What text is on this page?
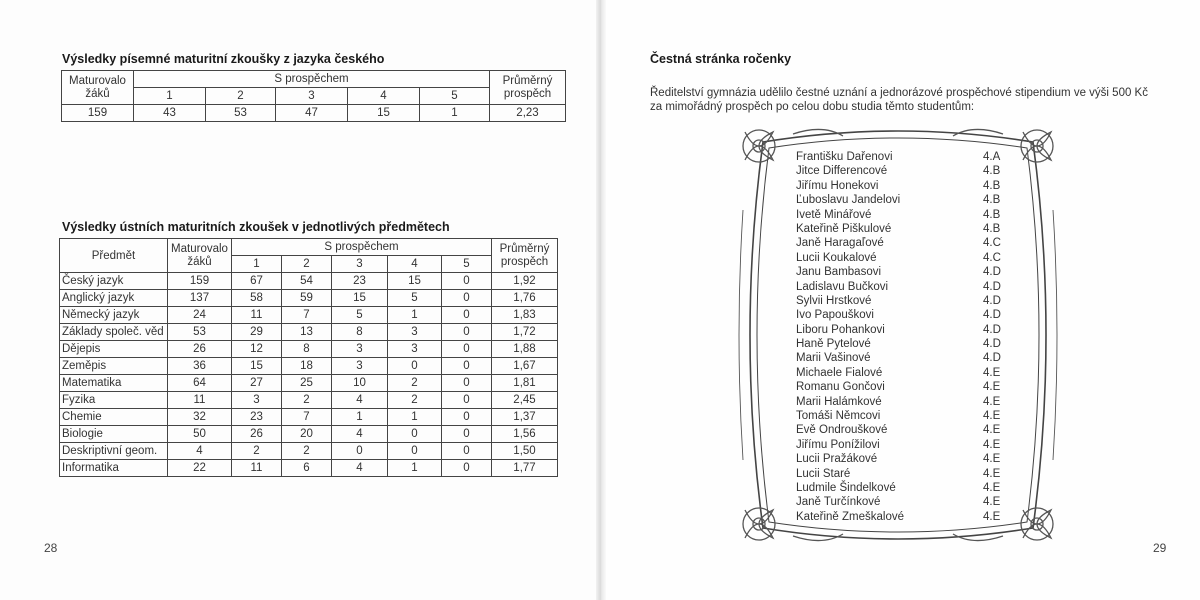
Výsledky písemné maturitní zkoušky z jazyka českého
Maturovalo žáků	S prospěchem					Průměrný prospěch
	1	2	3	4	5	
159	43	53	47	15	1	2,23
Výsledky ústních maturitních zkoušek v jednotlivých předmětech
Předmět	Maturovalo žáků	S prospěchem					Průměrný prospěch
		1	2	3	4	5	
Český jazyk	159	67	54	23	15	0	1,92
Anglický jazyk	137	58	59	15	5	0	1,76
Německý jazyk	24	11	7	5	1	0	1,83
Základy společ. věd	53	29	13	8	3	0	1,72
Dějepis	26	12	8	3	3	0	1,88
Zeměpis	36	15	18	3	0	0	1,67
Matematika	64	27	25	10	2	0	1,81
Fyzika	11	3	2	4	2	0	2,45
Chemie	32	23	7	1	1	0	1,37
Biologie	50	26	20	4	0	0	1,56
Deskriptivní geom.	4	2	2	0	0	0	1,50
Informatika	22	11	6	4	1	0	1,77
28
Čestná stránka ročenky
Ředitelství gymnázia udělilo čestné uznání a jednorázové prospěchové stipendium ve výši 500 Kč za mimořádný prospěch po celou dobu studia těmto studentům:
Františku Dařenovi	4.A
Jitce Differencové	4.B
Jiřímu Honekovi	4.B
Ľuboslavu Jandelovi	4.B
Ivetě Minářové	4.B
Kateřině Piškulové	4.B
Janě Haragaľové	4.C
Lucii Koukalové	4.C
Janu Bambasovi	4.D
Ladislavu Bučkovi	4.D
Sylvii Hrstkové	4.D
Ivo Papouškovi	4.D
Liboru Pohankovi	4.D
Haně Pytelové	4.D
Marii Vašinové	4.D
Michaele Fialové	4.E
Romanu Gončovi	4.E
Marii Halámkové	4.E
Tomáši Němcovi	4.E
Evě Ondrouškové	4.E
Jiřímu Ponížilovi	4.E
Lucii Pražákové	4.E
Lucii Staré	4.E
Ludmile Šindelkové	4.E
Janě Turčínkové	4.E
Kateřině Zmeškalové	4.E
29
